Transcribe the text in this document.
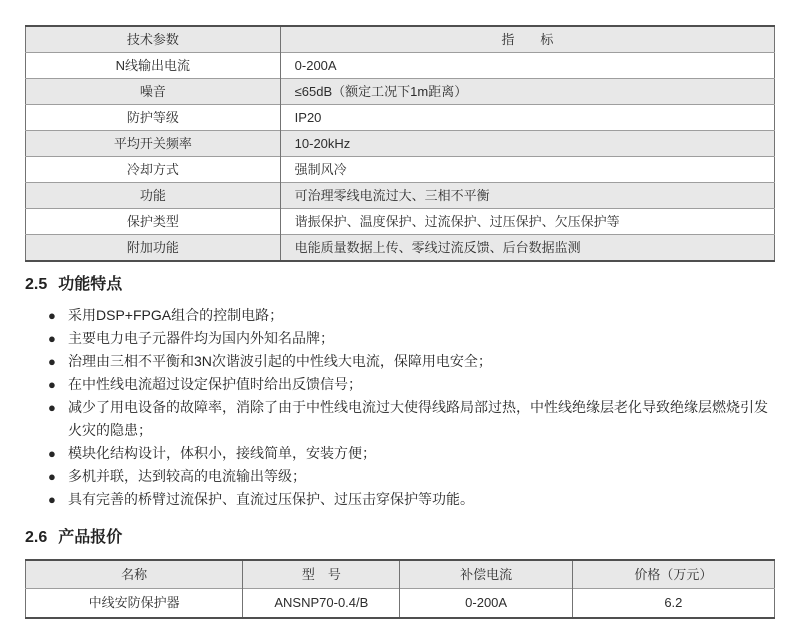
技术参数	指　　标
N线输出电流	0-200A
噪音	≤65dB（额定工况下1m距离）
防护等级	IP20
平均开关频率	10-20kHz
冷却方式	强制风冷
功能	可治理零线电流过大、三相不平衡
保护类型	谐振保护、温度保护、过流保护、过压保护、欠压保护等
附加功能	电能质量数据上传、零线过流反馈、后台数据监测
2.5 功能特点
● 采用DSP+FPGA组合的控制电路；
● 主要电力电子元器件均为国内外知名品牌；
● 治理由三相不平衡和3N次谐波引起的中性线大电流，保障用电安全；
● 在中性线电流超过设定保护值时给出反馈信号；
● 减少了用电设备的故障率，消除了由于中性线电流过大使得线路局部过热，中性线绝缘层老化导致绝缘层燃烧引发火灾的隐患；
● 模块化结构设计，体积小，接线简单，安装方便；
● 多机并联，达到较高的电流输出等级；
● 具有完善的桥臂过流保护、直流过压保护、过压击穿保护等功能。
2.6 产品报价
名称	型　号	补偿电流	价格（万元）
中线安防保护器	ANSNP70-0.4/B	0-200A	6.2
